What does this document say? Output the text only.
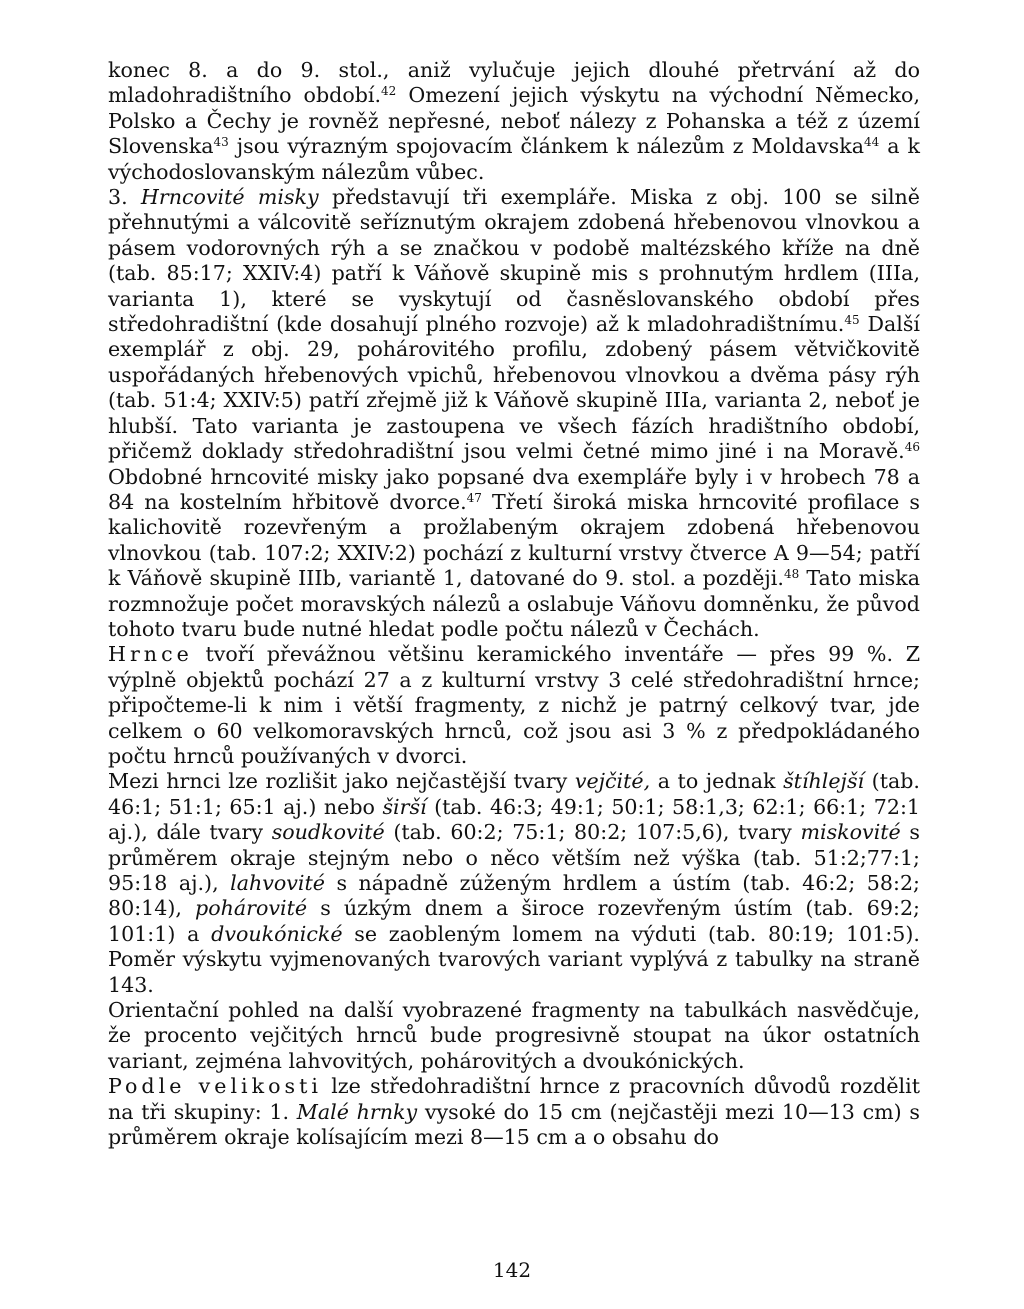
konec 8. a do 9. stol., aniž vylučuje jejich dlouhé přetrvání až do mladohradištního období.$^{42}$ Omezení jejich výskytu na východní Německo, Polsko a Čechy je rovněž nepřesné, neboť nálezy z Pohanska a též z území Slovenska$^{43}$ jsou výrazným spojovacím článkem k nálezům z Moldavska$^{44}$ a k východoslovanským nálezům vůbec.

3. Hrncovité misky představují tři exempláře. Miska z obj. 100 se silně přehnutými a válcovitě seříznutým okrajem zdobená hřebenovou vlnovkou a pásem vodorovných rýh a se značkou v podobě maltézského kříže na dně (tab. 85:17; XXIV:4) patří k Váňově skupině mis s prohnutým hrdlem (IIIa, varianta 1), které se vyskytují od časněslovanského období přes středohradištní (kde dosahují plného rozvoje) až k mladohradištnímu.$^{45}$ Další exemplář z obj. 29, pohárovitého profilu, zdobený pásem větvičkovitě uspořádaných hřebenových vpichů, hřebenovou vlnovkou a dvěma pásy rýh (tab. 51:4; XXIV:5) patří zřejmě již k Váňově skupině IIIa, varianta 2, neboť je hlubší. Tato varianta je zastoupena ve všech fázích hradištního období, přičemž doklady středohradištní jsou velmi četné mimo jiné i na Moravě.$^{46}$ Obdobné hrncovité misky jako popsané dva exempláře byly i v hrobech 78 a 84 na kostelním hřbitově dvorce.$^{47}$ Třetí široká miska hrncovité profilace s kalichovitě rozevřeným a prožlabeným okrajem zdobená hřebenovou vlnovkou (tab. 107:2; XXIV:2) pochází z kulturní vrstvy čtverce A 9—54; patří k Váňově skupině IIIb, variantě 1, datované do 9. stol. a později.$^{48}$ Tato miska rozmnožuje počet moravských nálezů a oslabuje Váňovu domněnku, že původ tohoto tvaru bude nutné hledat podle počtu nálezů v Čechách.

Hrnce tvoří převážnou většinu keramického inventáře — přes 99 %. Z výplně objektů pochází 27 a z kulturní vrstvy 3 celé středohradištní hrnce; připočteme-li k nim i větší fragmenty, z nichž je patrný celkový tvar, jde celkem o 60 velkomoravských hrnců, což jsou asi 3 % z předpokládaného počtu hrnců používaných v dvorci.

Mezi hrnci lze rozlišit jako nejčastější tvary vejčité, a to jednak štíhlejší (tab. 46:1; 51:1; 65:1 aj.) nebo širší (tab. 46:3; 49:1; 50:1; 58:1,3; 62:1; 66:1; 72:1 aj.), dále tvary soudkovité (tab. 60:2; 75:1; 80:2; 107:5,6), tvary miskovité s průměrem okraje stejným nebo o něco větším než výška (tab. 51:2;77:1; 95:18 aj.), lahvovité s nápadně zúženým hrdlem a ústím (tab. 46:2; 58:2; 80:14), pohárovité s úzkým dnem a široce rozevřeným ústím (tab. 69:2; 101:1) a dvoukónické se zaobleným lomem na výduti (tab. 80:19; 101:5). Poměr výskytu vyjmenovaných tvarových variant vyplývá z tabulky na straně 143.

Orientační pohled na další vyobrazené fragmenty na tabulkách nasvědčuje, že procento vejčitých hrnců bude progresivně stoupat na úkor ostatních variant, zejména lahvovitých, pohárovitých a dvoukónických.

Podle velikosti lze středohradištní hrnce z pracovních důvodů rozdělit na tři skupiny: 1. Malé hrnky vysoké do 15 cm (nejčastěji mezi 10—13 cm) s průměrem okraje kolísajícím mezi 8—15 cm a o obsahu do

142
